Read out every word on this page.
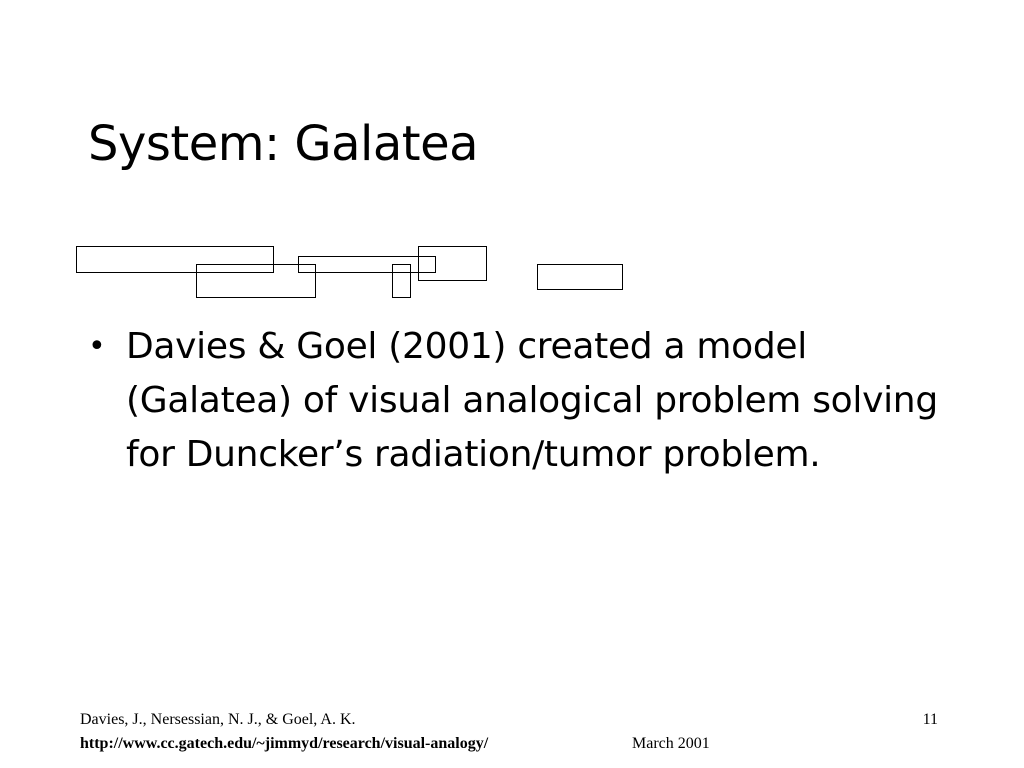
System: Galatea
• Davies & Goel (2001) created a model (Galatea) of visual analogical problem solving for Duncker’s radiation/tumor problem.
Davies, J., Nersessian, N. J., & Goel, A. K.
http://www.cc.gatech.edu/~jimmyd/research/visual-analogy/	March 2001
11
